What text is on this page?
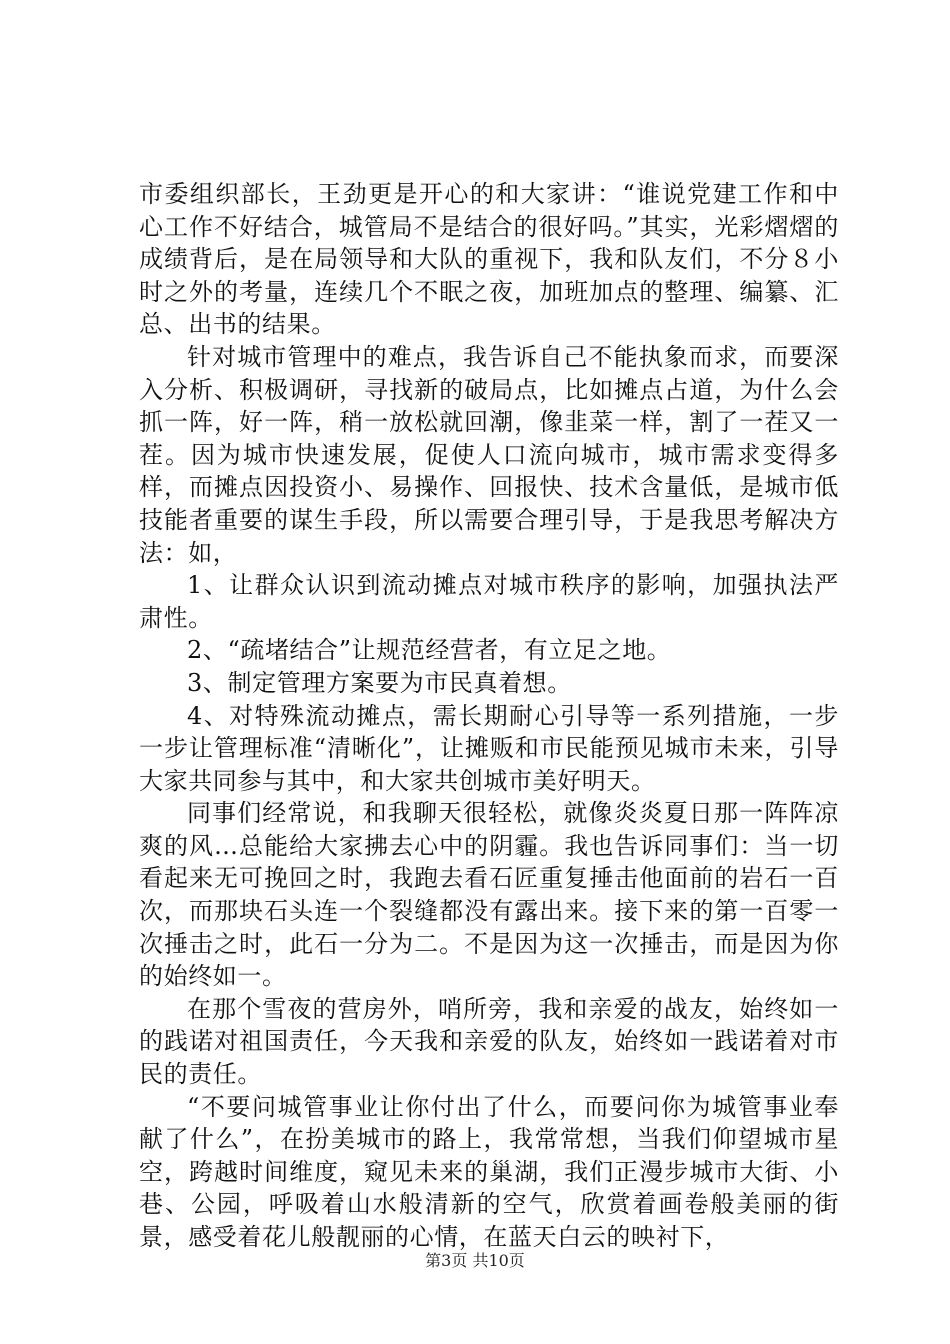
市委组织部长，王劲更是开心的和大家讲：“谁说党建工作和中心工作不好结合，城管局不是结合的很好吗。”其实，光彩熠熠的成绩背后，是在局领导和大队的重视下，我和队友们，不分８小时之外的考量，连续几个不眠之夜，加班加点的整理、编纂、汇总、出书的结果。

针对城市管理中的难点，我告诉自己不能执象而求，而要深入分析、积极调研，寻找新的破局点，比如摊点占道，为什么会抓一阵，好一阵，稍一放松就回潮，像韭菜一样，割了一茬又一茬。因为城市快速发展，促使人口流向城市，城市需求变得多样，而摊点因投资小、易操作、回报快、技术含量低，是城市低技能者重要的谋生手段，所以需要合理引导，于是我思考解决方法：如，

1、让群众认识到流动摊点对城市秩序的影响，加强执法严肃性。

2、“疏堵结合”让规范经营者，有立足之地。

3、制定管理方案要为市民真着想。

4、对特殊流动摊点，需长期耐心引导等一系列措施，一步一步让管理标准“清晰化”，让摊贩和市民能预见城市未来，引导大家共同参与其中，和大家共创城市美好明天。

同事们经常说，和我聊天很轻松，就像炎炎夏日那一阵阵凉爽的风…总能给大家拂去心中的阴霾。我也告诉同事们：当一切看起来无可挽回之时，我跑去看石匠重复捶击他面前的岩石一百次，而那块石头连一个裂缝都没有露出来。接下来的第一百零一次捶击之时，此石一分为二。不是因为这一次捶击，而是因为你的始终如一。

在那个雪夜的营房外，哨所旁，我和亲爱的战友，始终如一的践诺对祖国责任，今天我和亲爱的队友，始终如一践诺着对市民的责任。

“不要问城管事业让你付出了什么，而要问你为城管事业奉献了什么”，在扮美城市的路上，我常常想，当我们仰望城市星空，跨越时间维度，窥见未来的巢湖，我们正漫步城市大街、小巷、公园，呼吸着山水般清新的空气，欣赏着画卷般美丽的街景，感受着花儿般靓丽的心情，在蓝天白云的映衬下，

第3页 共10页
